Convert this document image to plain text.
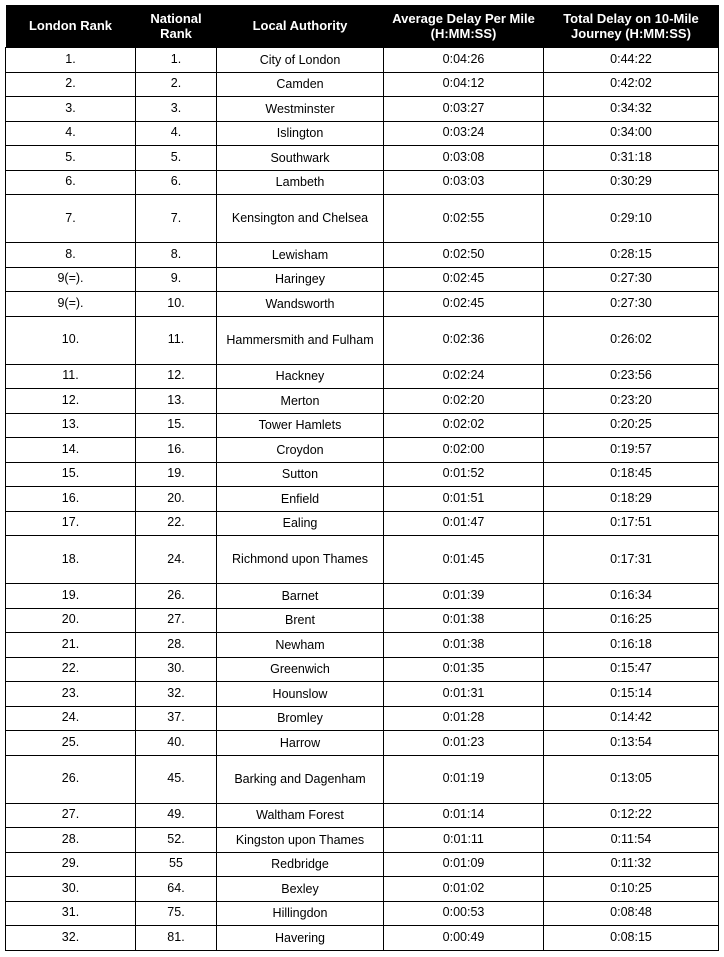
London Rank	National Rank	Local Authority	Average Delay Per Mile (H:MM:SS)	Total Delay on 10-Mile Journey (H:MM:SS)
1.	1.	City of London	0:04:26	0:44:22
2.	2.	Camden	0:04:12	0:42:02
3.	3.	Westminster	0:03:27	0:34:32
4.	4.	Islington	0:03:24	0:34:00
5.	5.	Southwark	0:03:08	0:31:18
6.	6.	Lambeth	0:03:03	0:30:29
7.	7.	Kensington and Chelsea	0:02:55	0:29:10
8.	8.	Lewisham	0:02:50	0:28:15
9(=).	9.	Haringey	0:02:45	0:27:30
9(=).	10.	Wandsworth	0:02:45	0:27:30
10.	11.	Hammersmith and Fulham	0:02:36	0:26:02
11.	12.	Hackney	0:02:24	0:23:56
12.	13.	Merton	0:02:20	0:23:20
13.	15.	Tower Hamlets	0:02:02	0:20:25
14.	16.	Croydon	0:02:00	0:19:57
15.	19.	Sutton	0:01:52	0:18:45
16.	20.	Enfield	0:01:51	0:18:29
17.	22.	Ealing	0:01:47	0:17:51
18.	24.	Richmond upon Thames	0:01:45	0:17:31
19.	26.	Barnet	0:01:39	0:16:34
20.	27.	Brent	0:01:38	0:16:25
21.	28.	Newham	0:01:38	0:16:18
22.	30.	Greenwich	0:01:35	0:15:47
23.	32.	Hounslow	0:01:31	0:15:14
24.	37.	Bromley	0:01:28	0:14:42
25.	40.	Harrow	0:01:23	0:13:54
26.	45.	Barking and Dagenham	0:01:19	0:13:05
27.	49.	Waltham Forest	0:01:14	0:12:22
28.	52.	Kingston upon Thames	0:01:11	0:11:54
29.	55	Redbridge	0:01:09	0:11:32
30.	64.	Bexley	0:01:02	0:10:25
31.	75.	Hillingdon	0:00:53	0:08:48
32.	81.	Havering	0:00:49	0:08:15
